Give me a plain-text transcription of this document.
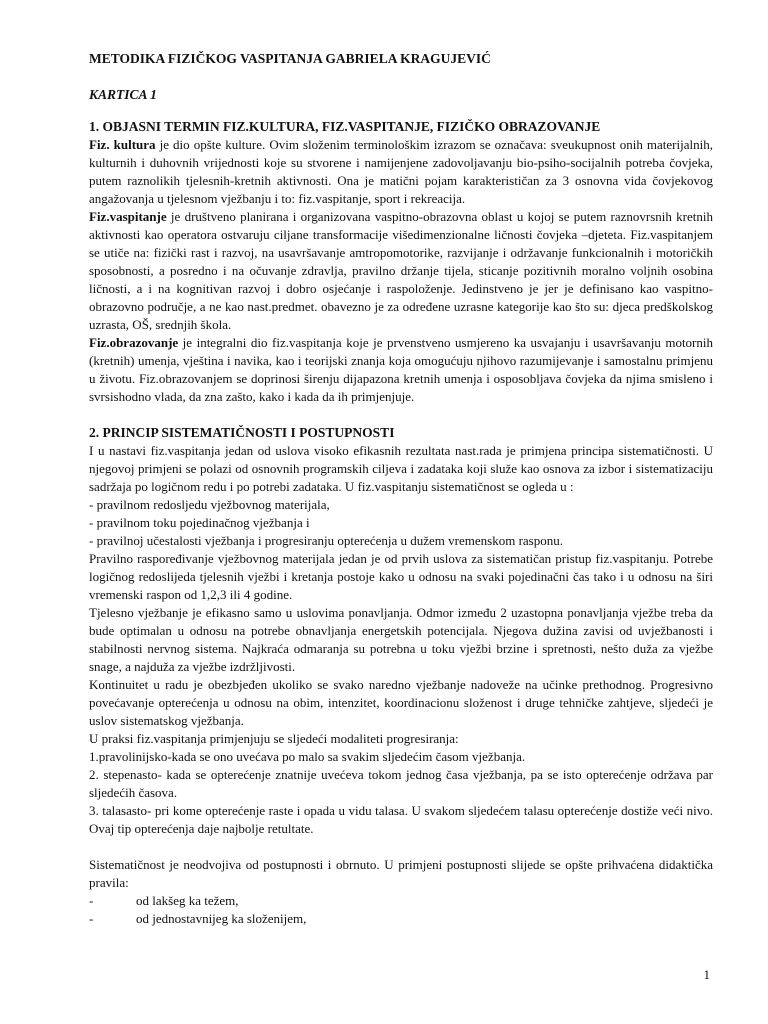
METODIKA FIZIČKOG VASPITANJA GABRIELA KRAGUJEVIĆ

KARTICA 1

1. OBJASNI TERMIN FIZ.KULTURA, FIZ.VASPITANJE, FIZIČKO OBRAZOVANJE

Fiz. kultura je dio opšte kulture. Ovim složenim terminološkim izrazom se označava: sveukupnost onih materijalnih, kulturnih i duhovnih vrijednosti koje su stvorene i namijenjene zadovoljavanju bio-psiho-socijalnih potreba čovjeka, putem raznolikih tjelesnih-kretnih aktivnosti. Ona je matični pojam karakterističan za 3 osnovna vida čovjekovog angažovanja u tjelesnom vježbanju i to: fiz.vaspitanje, sport i rekreacija.

Fiz.vaspitanje je društveno planirana i organizovana vaspitno-obrazovna oblast u kojoj se putem raznovrsnih kretnih aktivnosti kao operatora ostvaruju ciljane transformacije višedimenzionalne ličnosti čovjeka –djeteta. Fiz.vaspitanjem se utiče na: fizički rast i razvoj, na usavršavanje amtropomotorike, razvijanje i održavanje funkcionalnih i motoričkih sposobnosti, a posredno i na očuvanje zdravlja, pravilno držanje tijela, sticanje pozitivnih moralno voljnih osobina ličnosti, a i na kognitivan razvoj i dobro osjećanje i raspoloženje. Jedinstveno je jer je definisano kao vaspitno-obrazovno područje, a ne kao nast.predmet. obavezno je za određene uzrasne kategorije kao što su: djeca predškolskog uzrasta, OŠ, srednjih škola.

Fiz.obrazovanje je integralni dio fiz.vaspitanja koje je prvenstveno usmjereno ka usvajanju i usavršavanju motornih (kretnih) umenja, vještina i navika, kao i teorijski znanja koja omogućuju njihovo razumijevanje i samostalnu primjenu u životu. Fiz.obrazovanjem se doprinosi širenju dijapazona kretnih umenja i osposobljava čovjeka da njima smisleno i svrsishodno vlada, da zna zašto, kako i kada da ih primjenjuje.

2. PRINCIP SISTEMATIČNOSTI I POSTUPNOSTI

I u nastavi fiz.vaspitanja jedan od uslova visoko efikasnih rezultata nast.rada je primjena principa sistematičnosti. U njegovoj primjeni se polazi od osnovnih programskih ciljeva i zadataka koji služe kao osnova za izbor i sistematizaciju sadržaja po logičnom redu i po potrebi zadataka. U fiz.vaspitanju sistematičnost se ogleda u :

- pravilnom redosljedu vježbovnog materijala,

- pravilnom toku pojedinačnog vježbanja i

- pravilnoj učestalosti vježbanja i progresiranju opterećenja u dužem vremenskom rasponu.

Pravilno raspoređivanje vježbovnog materijala jedan je od prvih uslova za sistematičan pristup fiz.vaspitanju. Potrebe logičnog redoslijeda tjelesnih vježbi i kretanja postoje kako u odnosu na svaki pojedinačni čas tako i u odnosu na širi vremenski raspon od 1,2,3 ili 4 godine.

Tjelesno vježbanje je efikasno samo u uslovima ponavljanja. Odmor između 2 uzastopna ponavljanja vježbe treba da bude optimalan u odnosu na potrebe obnavljanja energetskih potencijala. Njegova dužina zavisi od uvježbanosti i stabilnosti nervnog sistema. Najkraća odmaranja su potrebna u toku vježbi brzine i spretnosti, nešto duža za vježbe snage, a najduža za vježbe izdržljivosti.

Kontinuitet u radu je obezbjeđen ukoliko se svako naredno vježbanje nadoveže na učinke prethodnog. Progresivno povećavanje opterećenja u odnosu na obim, intenzitet, koordinacionu složenost i druge tehničke zahtjeve, sljedeći je uslov sistematskog vježbanja.

U praksi fiz.vaspitanja primjenjuju se sljedeći modaliteti progresiranja:

1.pravolinijsko-kada se ono uvećava po malo sa svakim sljedećim časom vježbanja.

2. stepenasto- kada se opterećenje znatnije uvećeva tokom jednog časa vježbanja, pa se isto opterećenje održava par sljedećih časova.

3. talasasto- pri kome opterećenje raste i opada u vidu talasa. U svakom sljedećem talasu opterećenje dostiže veći nivo. Ovaj tip opterećenja daje najbolje retultate.

Sistematičnost je neodvojiva od postupnosti i obrnuto. U primjeni postupnosti slijede se opšte prihvaćena didaktička pravila:

-	od lakšeg ka težem,
-	od jednostavnijeg ka složenijem,
1
